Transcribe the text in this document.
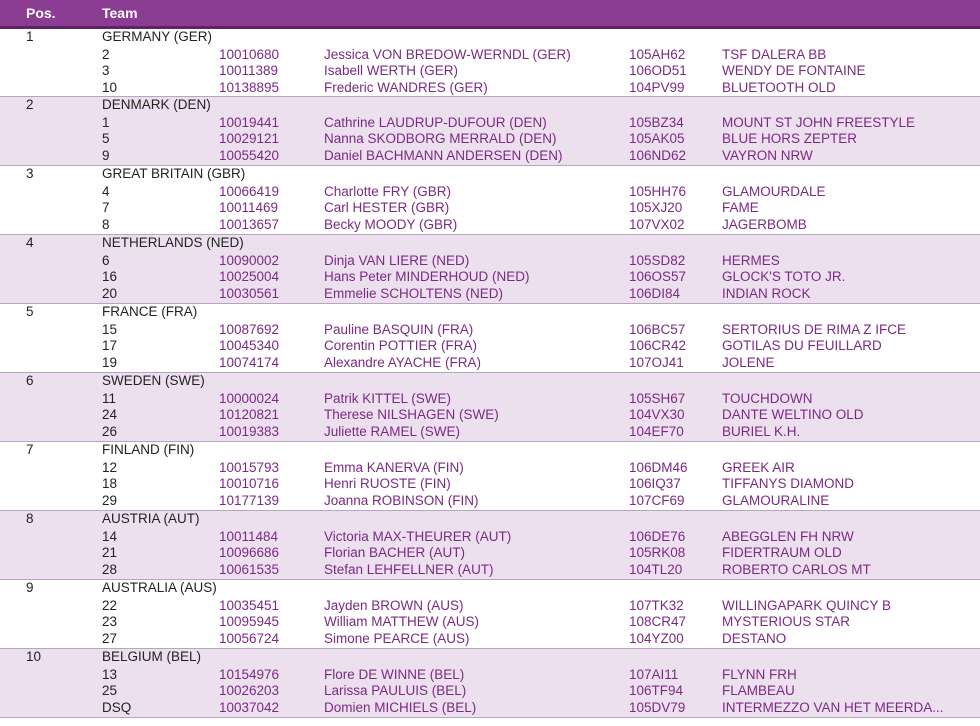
Pos.	Team
1	GERMANY (GER)
2	10010680	Jessica VON BREDOW-WERNDL (GER)	105AH62	TSF DALERA BB
3	10011389	Isabell WERTH (GER)	106OD51	WENDY DE FONTAINE
10	10138895	Frederic WANDRES (GER)	104PV99	BLUETOOTH OLD
2	DENMARK (DEN)
1	10019441	Cathrine LAUDRUP-DUFOUR (DEN)	105BZ34	MOUNT ST JOHN FREESTYLE
5	10029121	Nanna SKODBORG MERRALD (DEN)	105AK05	BLUE HORS ZEPTER
9	10055420	Daniel BACHMANN ANDERSEN (DEN)	106ND62	VAYRON NRW
3	GREAT BRITAIN (GBR)
4	10066419	Charlotte FRY (GBR)	105HH76	GLAMOURDALE
7	10011469	Carl HESTER (GBR)	105XJ20	FAME
8	10013657	Becky MOODY (GBR)	107VX02	JAGERBOMB
4	NETHERLANDS (NED)
6	10090002	Dinja VAN LIERE (NED)	105SD82	HERMES
16	10025004	Hans Peter MINDERHOUD (NED)	106OS57	GLOCK'S TOTO JR.
20	10030561	Emmelie SCHOLTENS (NED)	106DI84	INDIAN ROCK
5	FRANCE (FRA)
15	10087692	Pauline BASQUIN (FRA)	106BC57	SERTORIUS DE RIMA Z IFCE
17	10045340	Corentin POTTIER (FRA)	106CR42	GOTILAS DU FEUILLARD
19	10074174	Alexandre AYACHE (FRA)	107OJ41	JOLENE
6	SWEDEN (SWE)
11	10000024	Patrik KITTEL (SWE)	105SH67	TOUCHDOWN
24	10120821	Therese NILSHAGEN (SWE)	104VX30	DANTE WELTINO OLD
26	10019383	Juliette RAMEL (SWE)	104EF70	BURIEL K.H.
7	FINLAND (FIN)
12	10015793	Emma KANERVA (FIN)	106DM46	GREEK AIR
18	10010716	Henri RUOSTE (FIN)	106IQ37	TIFFANYS DIAMOND
29	10177139	Joanna ROBINSON (FIN)	107CF69	GLAMOURALINE
8	AUSTRIA (AUT)
14	10011484	Victoria MAX-THEURER (AUT)	106DE76	ABEGGLEN FH NRW
21	10096686	Florian BACHER (AUT)	105RK08	FIDERTRAUM OLD
28	10061535	Stefan LEHFELLNER (AUT)	104TL20	ROBERTO CARLOS MT
9	AUSTRALIA (AUS)
22	10035451	Jayden BROWN (AUS)	107TK32	WILLINGAPARK QUINCY B
23	10095945	William MATTHEW (AUS)	108CR47	MYSTERIOUS STAR
27	10056724	Simone PEARCE (AUS)	104YZ00	DESTANO
10	BELGIUM (BEL)
13	10154976	Flore DE WINNE (BEL)	107AI11	FLYNN FRH
25	10026203	Larissa PAULUIS (BEL)	106TF94	FLAMBEAU
DSQ	10037042	Domien MICHIELS (BEL)	105DV79	INTERMEZZO VAN HET MEERDA...
